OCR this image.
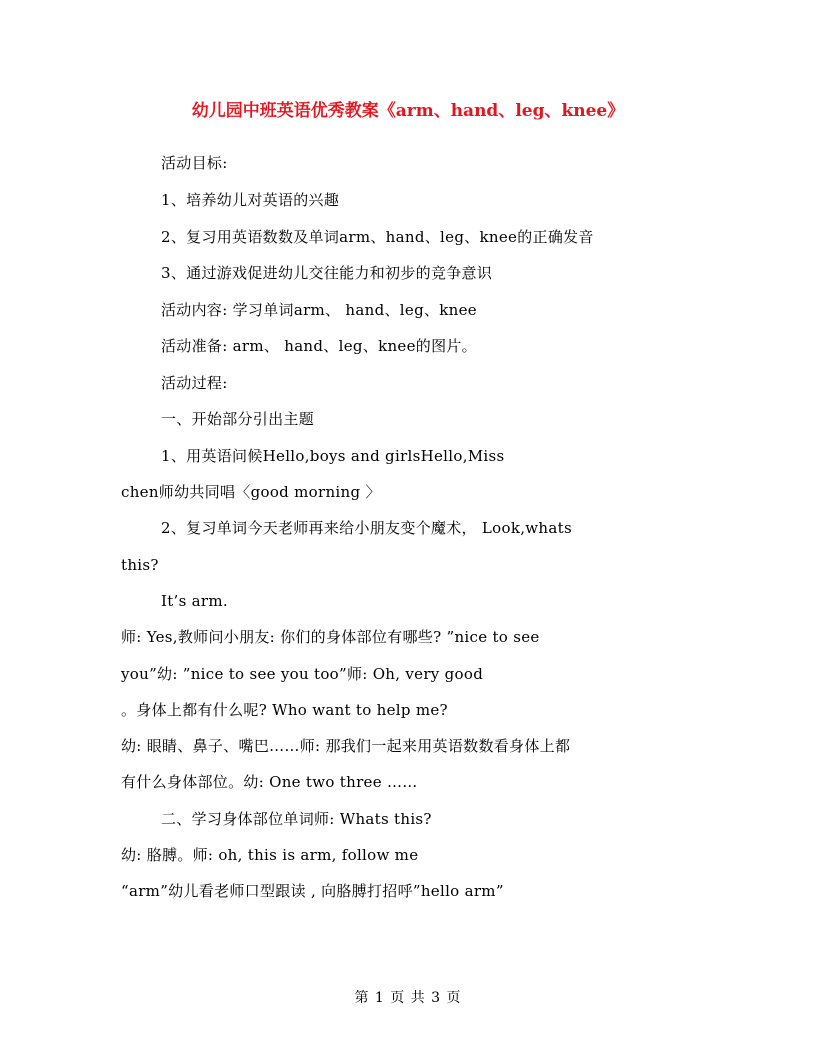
幼儿园中班英语优秀教案《arm、hand、leg、knee》
活动目标:
1、培养幼儿对英语的兴趣
2、复习用英语数数及单词arm、hand、leg、knee的正确发音
3、通过游戏促进幼儿交往能力和初步的竞争意识
活动内容: 学习单词arm、 hand、leg、knee
活动准备: arm、 hand、leg、knee的图片。
活动过程:
一、开始部分引出主题
1、用英语问候Hello,boys and girlsHello,Miss
chen师幼共同唱〈good morning 〉
2、复习单词今天老师再来给小朋友变个魔术， Look,whats
this?
It’s arm.
师: Yes,教师问小朋友: 你们的身体部位有哪些? ”nice to see
you”幼: ”nice to see you too”师: Oh, very good
。身体上都有什么呢? Who want to help me?
幼: 眼睛、鼻子、嘴巴……师: 那我们一起来用英语数数看身体上都
有什么身体部位。幼: One two three ……
二、学习身体部位单词师: Whats this?
幼: 胳膊。师: oh, this is arm, follow me
“arm”幼儿看老师口型跟读 , 向胳膊打招呼”hello arm”
第 1 页 共 3 页
